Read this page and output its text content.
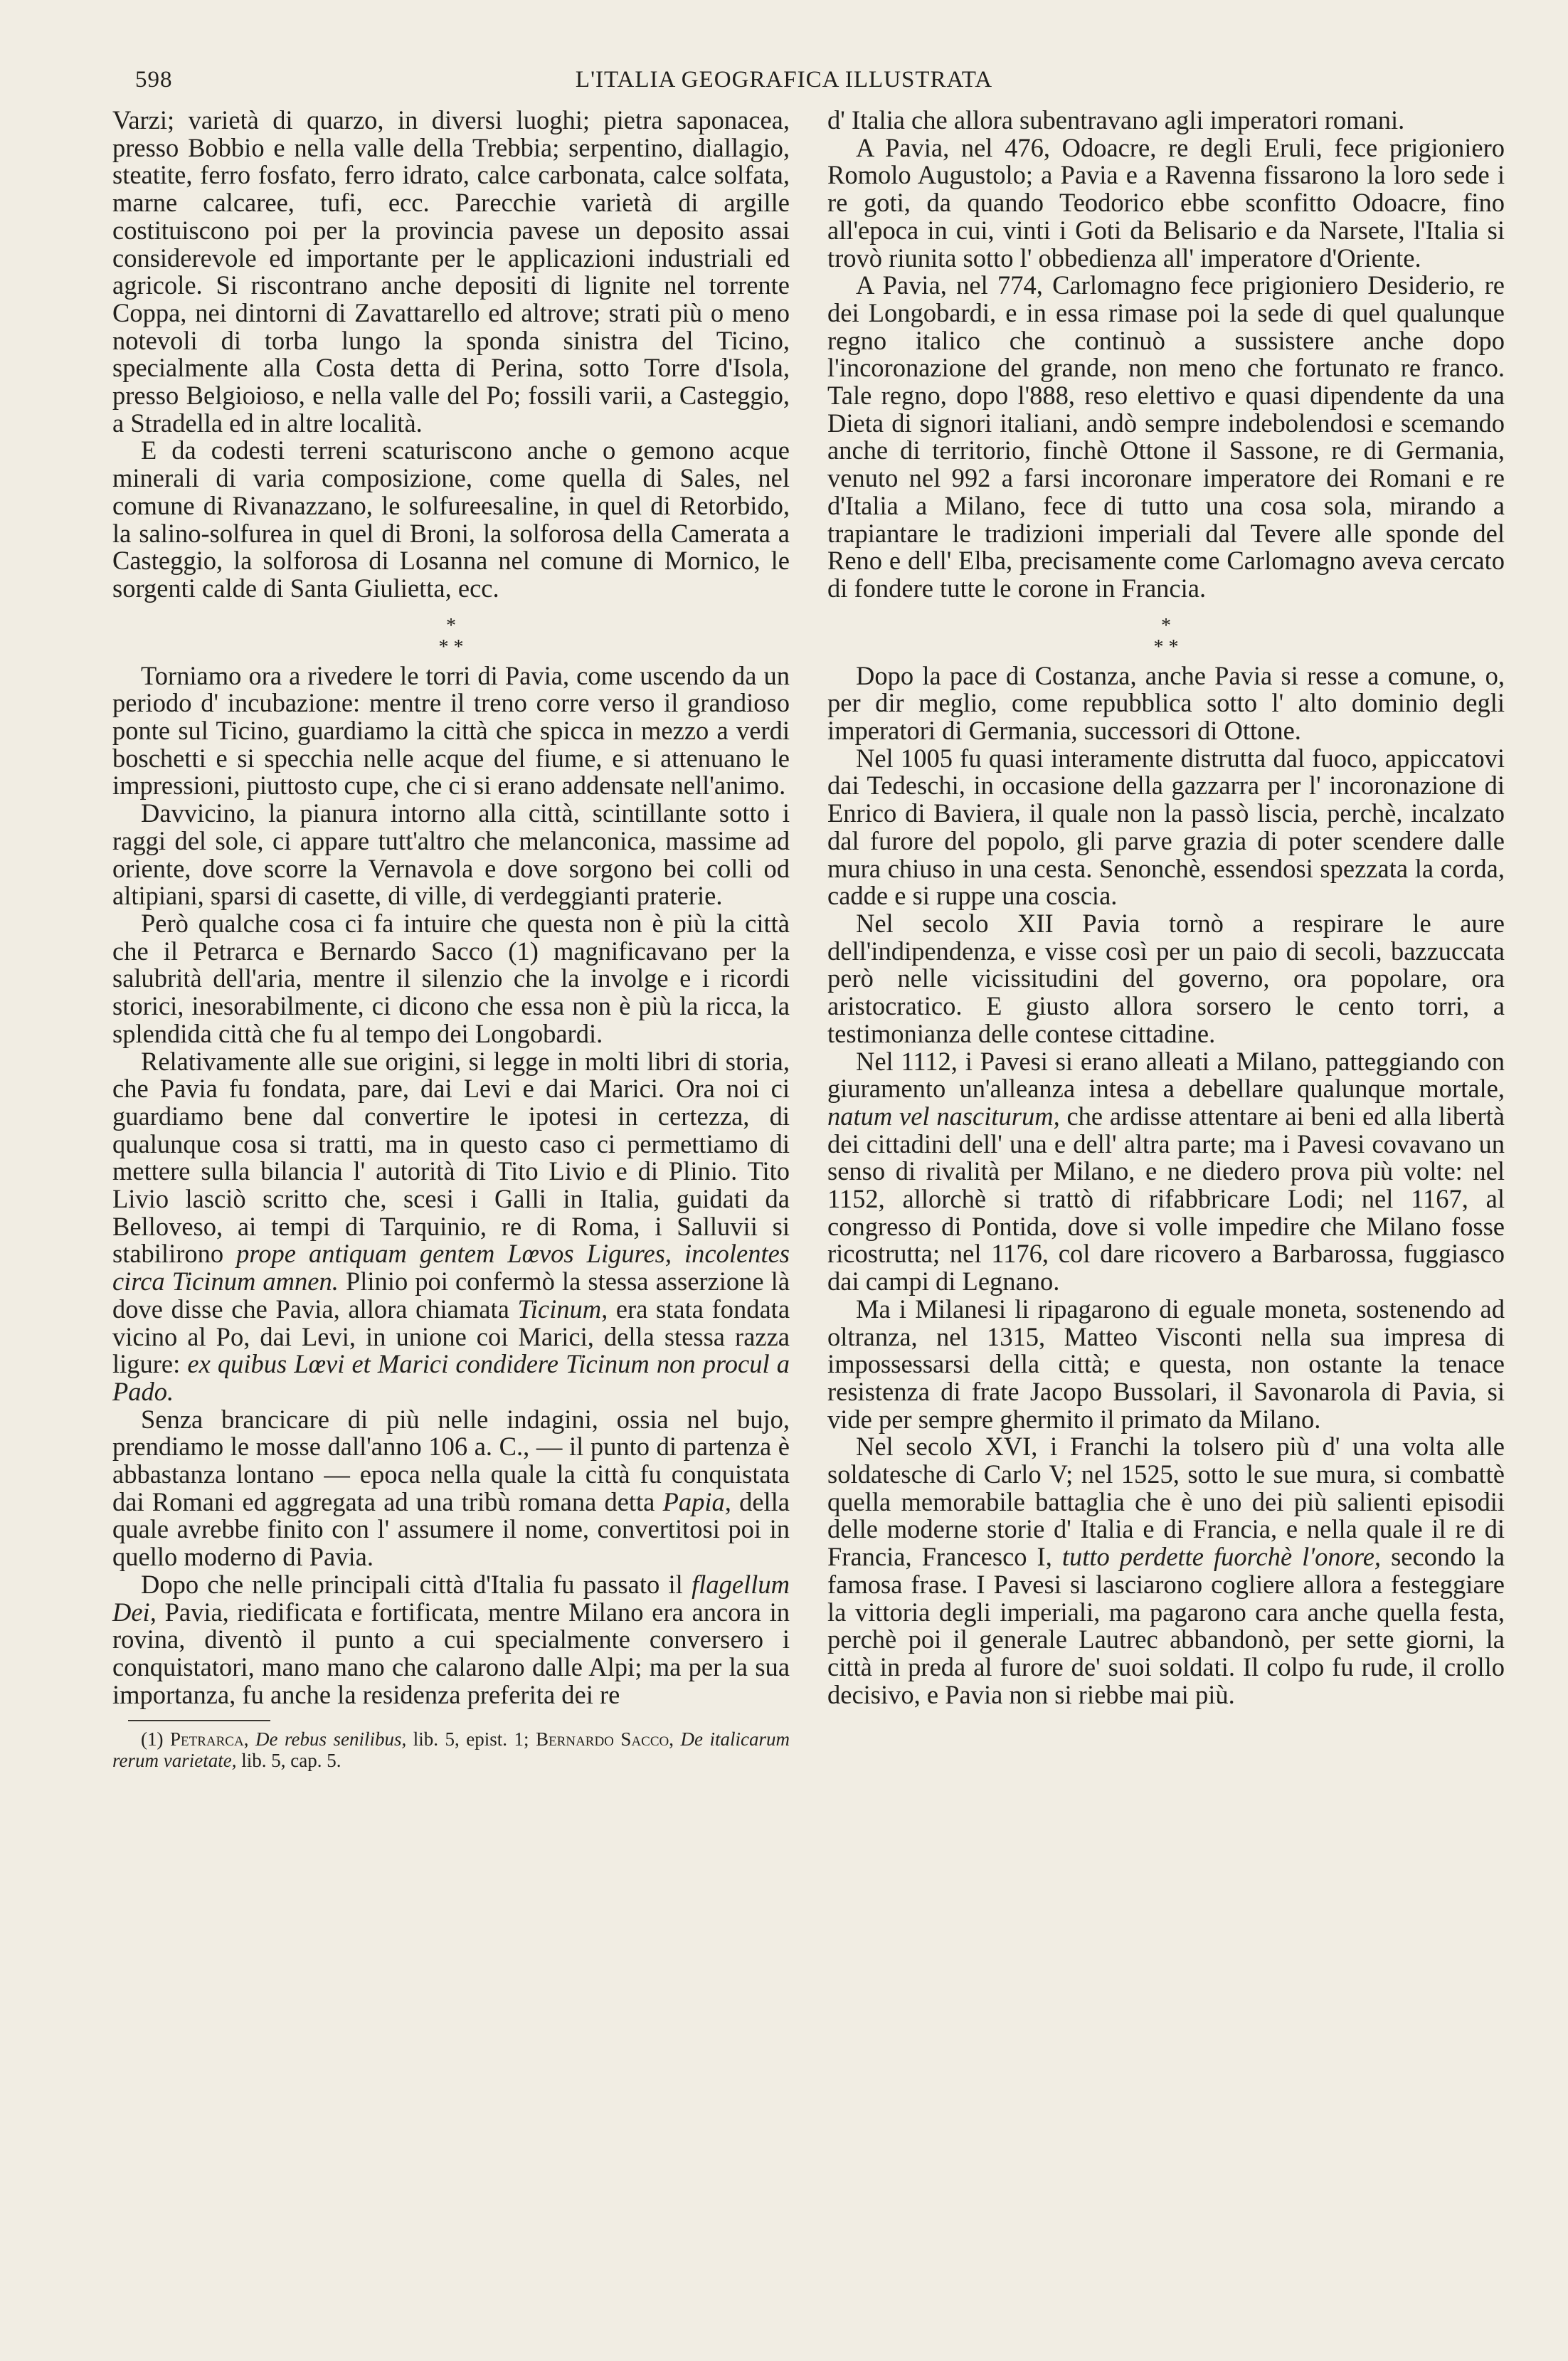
598	L'ITALIA GEOGRAFICA ILLUSTRATA

Varzi; varietà di quarzo, in diversi luoghi; pietra saponacea, presso Bobbio e nella valle della Trebbia; serpentino, diallagio, steatite, ferro fosfato, ferro idrato, calce carbonata, calce solfata, marne calcaree, tufi, ecc. Parecchie varietà di argille costituiscono poi per la provincia pavese un deposito assai considerevole ed importante per le applicazioni industriali ed agricole. Si riscontrano anche depositi di lignite nel torrente Coppa, nei dintorni di Zavattarello ed altrove; strati più o meno notevoli di torba lungo la sponda sinistra del Ticino, specialmente alla Costa detta di Perina, sotto Torre d'Isola, presso Belgioioso, e nella valle del Po; fossili varii, a Casteggio, a Stradella ed in altre località.

E da codesti terreni scaturiscono anche o gemono acque minerali di varia composizione, come quella di Sales, nel comune di Rivanazzano, le solfureesaline, in quel di Retorbido, la salino-solfurea in quel di Broni, la solforosa della Camerata a Casteggio, la solforosa di Losanna nel comune di Mornico, le sorgenti calde di Santa Giulietta, ecc.

*
* *

Torniamo ora a rivedere le torri di Pavia, come uscendo da un periodo d' incubazione: mentre il treno corre verso il grandioso ponte sul Ticino, guardiamo la città che spicca in mezzo a verdi boschetti e si specchia nelle acque del fiume, e si attenuano le impressioni, piuttosto cupe, che ci si erano addensate nell'animo.

Davvicino, la pianura intorno alla città, scintillante sotto i raggi del sole, ci appare tutt'altro che melanconica, massime ad oriente, dove scorre la Vernavola e dove sorgono bei colli od altipiani, sparsi di casette, di ville, di verdeggianti praterie.

Però qualche cosa ci fa intuire che questa non è più la città che il Petrarca e Bernardo Sacco (1) magnificavano per la salubrità dell'aria, mentre il silenzio che la involge e i ricordi storici, inesorabilmente, ci dicono che essa non è più la ricca, la splendida città che fu al tempo dei Longobardi.

Relativamente alle sue origini, si legge in molti libri di storia, che Pavia fu fondata, pare, dai Levi e dai Marici. Ora noi ci guardiamo bene dal convertire le ipotesi in certezza, di qualunque cosa si tratti, ma in questo caso ci permettiamo di mettere sulla bilancia l' autorità di Tito Livio e di Plinio. Tito Livio lasciò scritto che, scesi i Galli in Italia, guidati da Belloveso, ai tempi di Tarquinio, re di Roma, i Salluvii si stabilirono prope antiquam gentem Lœvos Ligures, incolentes circa Ticinum amnen. Plinio poi confermò la stessa asserzione là dove disse che Pavia, allora chiamata Ticinum, era stata fondata vicino al Po, dai Levi, in unione coi Marici, della stessa razza ligure: ex quibus Lœvi et Marici condidere Ticinum non procul a Pado.

Senza brancicare di più nelle indagini, ossia nel bujo, prendiamo le mosse dall'anno 106 a. C., — il punto di partenza è abbastanza lontano — epoca nella quale la città fu conquistata dai Romani ed aggregata ad una tribù romana detta Papia, della quale avrebbe finito con l' assumere il nome, convertitosi poi in quello moderno di Pavia.

Dopo che nelle principali città d'Italia fu passato il flagellum Dei, Pavia, riedificata e fortificata, mentre Milano era ancora in rovina, diventò il punto a cui specialmente conversero i conquistatori, mano mano che calarono dalle Alpi; ma per la sua importanza, fu anche la residenza preferita dei re

(1) Petrarca, De rebus senilibus, lib. 5, epist. 1; Bernardo Sacco, De italicarum rerum varietate, lib. 5, cap. 5.

d' Italia che allora subentravano agli imperatori romani.

A Pavia, nel 476, Odoacre, re degli Eruli, fece prigioniero Romolo Augustolo; a Pavia e a Ravenna fissarono la loro sede i re goti, da quando Teodorico ebbe sconfitto Odoacre, fino all'epoca in cui, vinti i Goti da Belisario e da Narsete, l'Italia si trovò riunita sotto l' obbedienza all' imperatore d'Oriente.

A Pavia, nel 774, Carlomagno fece prigioniero Desiderio, re dei Longobardi, e in essa rimase poi la sede di quel qualunque regno italico che continuò a sussistere anche dopo l'incoronazione del grande, non meno che fortunato re franco. Tale regno, dopo l'888, reso elettivo e quasi dipendente da una Dieta di signori italiani, andò sempre indebolendosi e scemando anche di territorio, finchè Ottone il Sassone, re di Germania, venuto nel 992 a farsi incoronare imperatore dei Romani e re d'Italia a Milano, fece di tutto una cosa sola, mirando a trapiantare le tradizioni imperiali dal Tevere alle sponde del Reno e dell' Elba, precisamente come Carlomagno aveva cercato di fondere tutte le corone in Francia.

*
* *

Dopo la pace di Costanza, anche Pavia si resse a comune, o, per dir meglio, come repubblica sotto l' alto dominio degli imperatori di Germania, successori di Ottone.

Nel 1005 fu quasi interamente distrutta dal fuoco, appiccatovi dai Tedeschi, in occasione della gazzarra per l' incoronazione di Enrico di Baviera, il quale non la passò liscia, perchè, incalzato dal furore del popolo, gli parve grazia di poter scendere dalle mura chiuso in una cesta. Senonchè, essendosi spezzata la corda, cadde e si ruppe una coscia.

Nel secolo XII Pavia tornò a respirare le aure dell'indipendenza, e visse così per un paio di secoli, bazzuccata però nelle vicissitudini del governo, ora popolare, ora aristocratico. E giusto allora sorsero le cento torri, a testimonianza delle contese cittadine.

Nel 1112, i Pavesi si erano alleati a Milano, patteggiando con giuramento un'alleanza intesa a debellare qualunque mortale, natum vel nasciturum, che ardisse attentare ai beni ed alla libertà dei cittadini dell' una e dell' altra parte; ma i Pavesi covavano un senso di rivalità per Milano, e ne diedero prova più volte: nel 1152, allorchè si trattò di rifabbricare Lodi; nel 1167, al congresso di Pontida, dove si volle impedire che Milano fosse ricostrutta; nel 1176, col dare ricovero a Barbarossa, fuggiasco dai campi di Legnano.

Ma i Milanesi li ripagarono di eguale moneta, sostenendo ad oltranza, nel 1315, Matteo Visconti nella sua impresa di impossessarsi della città; e questa, non ostante la tenace resistenza di frate Jacopo Bussolari, il Savonarola di Pavia, si vide per sempre ghermito il primato da Milano.

Nel secolo XVI, i Franchi la tolsero più d' una volta alle soldatesche di Carlo V; nel 1525, sotto le sue mura, si combattè quella memorabile battaglia che è uno dei più salienti episodii delle moderne storie d' Italia e di Francia, e nella quale il re di Francia, Francesco I, tutto perdette fuorchè l'onore, secondo la famosa frase. I Pavesi si lasciarono cogliere allora a festeggiare la vittoria degli imperiali, ma pagarono cara anche quella festa, perchè poi il generale Lautrec abbandonò, per sette giorni, la città in preda al furore de' suoi soldati. Il colpo fu rude, il crollo decisivo, e Pavia non si riebbe mai più.
